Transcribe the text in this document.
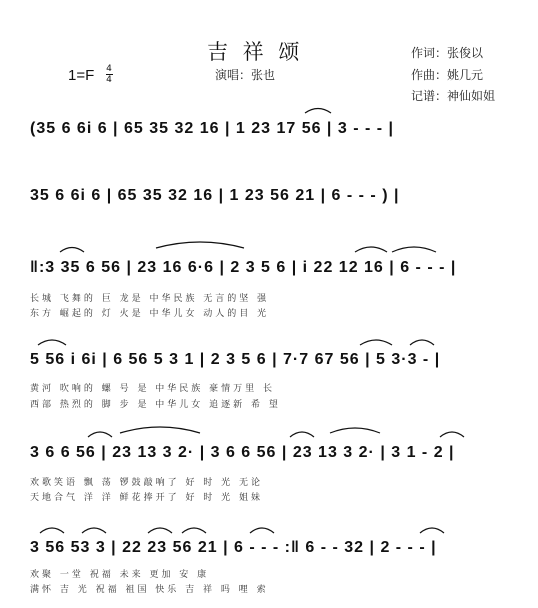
吉 祥 颂
1=F 4
4	演唱：张也
作词：张俊以
作曲：姚几元
记谱：神仙如姐
(35 6 6i 6 | 65 35 32 16 | 1 23 17 56 | 3 - - - |
35 6 6i 6 | 65 35 32 16 | 1 23 56 21 | 6 - - - ) |
‖:3 35 6 56 | 23 16 6·6 | 2 3 5 6 | i 22 12 16 | 6 - - - |
长城 飞舞的 巨 龙是 中华民族 无言的坚 强
东方 崛起的 灯 火是 中华儿女 动人的目 光
5 56 i 6i | 6 56 5 3 1 | 2 3 5 6 | 7·7 67 56 | 5 3·3 - |
黄河 吹响的 螺 号 是 中华民族 豪情万里 长
西部 热烈的 脚 步 是 中华儿女 追逐新 希 望
3 6 6 56 | 23 13 3 2· | 3 6 6 56 | 23 13 3 2· | 3 1 - 2 |
欢歌笑语 飘 荡 锣鼓敲响了 好 时 光 无论
天地合气 洋 洋 鲜花捧开了 好 时 光 姐妹
3 56 53 3 | 22 23 56 21 | 6 - - - :‖ 6 - - 32 | 2 - - - |
欢聚 一堂 祝福 未来 更加 安 康
满怀 吉 光 祝福 祖国 快乐 吉 祥 吗 哩 索
